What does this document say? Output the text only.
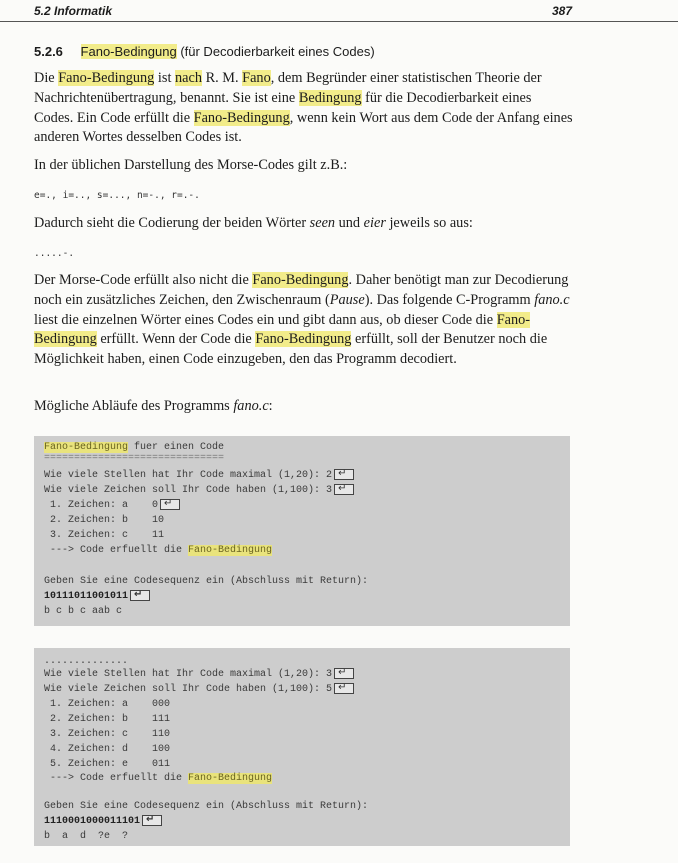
5.2 Informatik	387
5.2.6 Fano-Bedingung (für Decodierbarkeit eines Codes)
Die Fano-Bedingung ist nach R. M. Fano, dem Begründer einer statistischen Theorie der Nachrichtenübertragung, benannt. Sie ist eine Bedingung für die Decodierbarkeit eines Codes. Ein Code erfüllt die Fano-Bedingung, wenn kein Wort aus dem Code der Anfang eines anderen Wortes desselben Codes ist.
In der üblichen Darstellung des Morse-Codes gilt z.B.:
e=., i=.., s=..., n=-., r=.-.
Dadurch sieht die Codierung der beiden Wörter seen und eier jeweils so aus:
.....-.
Der Morse-Code erfüllt also nicht die Fano-Bedingung. Daher benötigt man zur Decodierung noch ein zusätzliches Zeichen, den Zwischenraum (Pause). Das folgende C-Programm fano.c liest die einzelnen Wörter eines Codes ein und gibt dann aus, ob dieser Code die Fano-Bedingung erfüllt. Wenn der Code die Fano-Bedingung erfüllt, soll der Benutzer noch die Möglichkeit haben, einen Code einzugeben, den das Programm decodiert.
Mögliche Abläufe des Programms fano.c:
Fano-Bedingung fuer einen Code
==============================
Wie viele Stellen hat Ihr Code maximal (1,20): 2 ↵
Wie viele Zeichen soll Ihr Code haben (1,100): 3 ↵
1. Zeichen: a 0 ↵
2. Zeichen: b 10
3. Zeichen: c 11
---> Code erfuellt die Fano-Bedingung
Geben Sie eine Codesequenz ein (Abschluss mit Return):
10111011001011 ↵
b c b c aab c
..............
Wie viele Stellen hat Ihr Code maximal (1,20): 3 ↵
Wie viele Zeichen soll Ihr Code haben (1,100): 5 ↵
1. Zeichen: a 000
2. Zeichen: b 111
3. Zeichen: c 110
4. Zeichen: d 100
5. Zeichen: e 011
---> Code erfuellt die Fano-Bedingung
Geben Sie eine Codesequenz ein (Abschluss mit Return):
1110001000011101 ↵
b  a  d  ?e  ?
